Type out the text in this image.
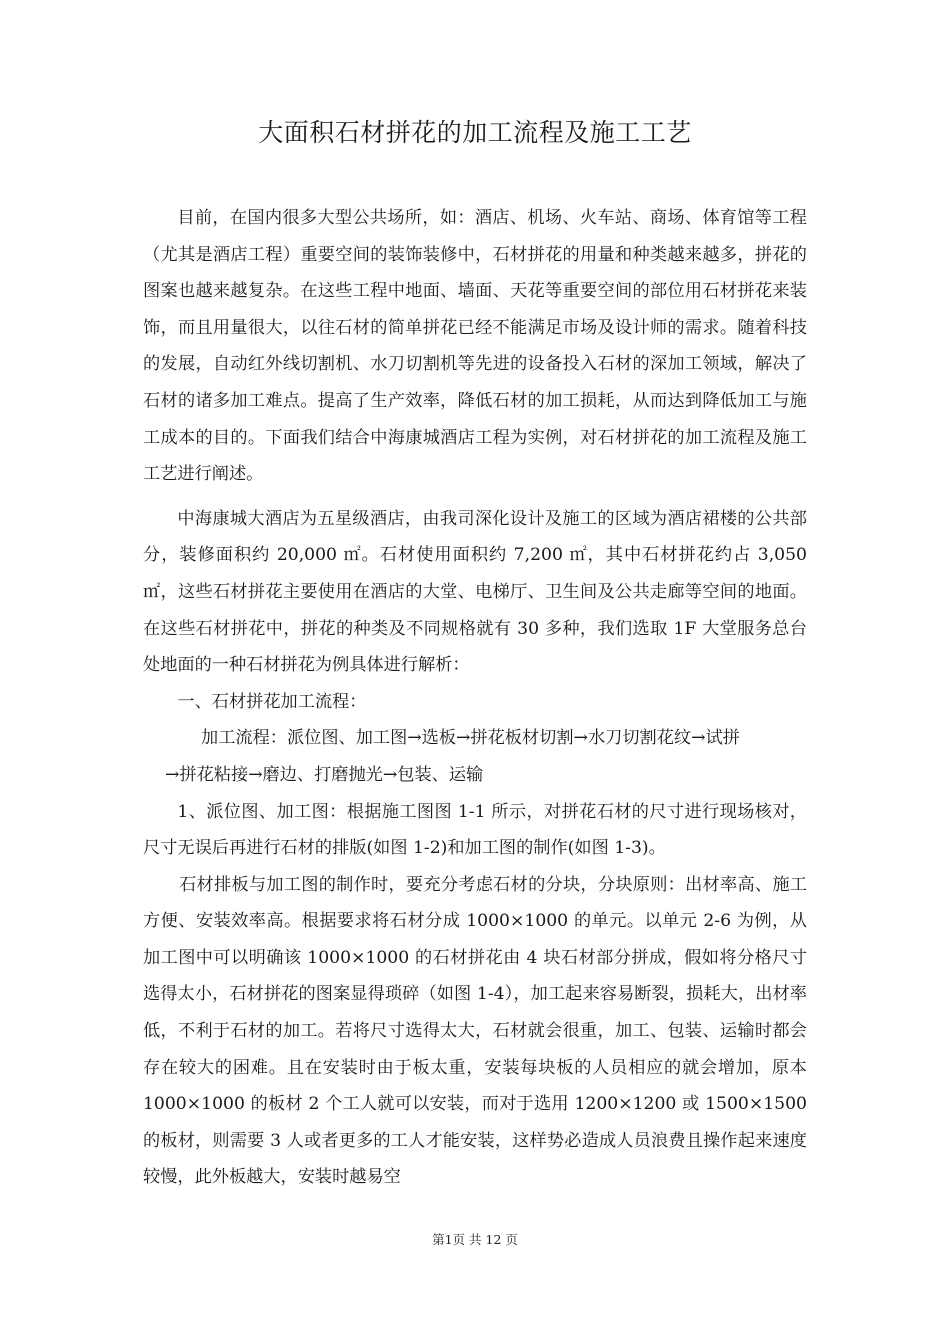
大面积石材拼花的加工流程及施工工艺

目前，在国内很多大型公共场所，如：酒店、机场、火车站、商场、体育馆等工程（尤其是酒店工程）重要空间的装饰装修中，石材拼花的用量和种类越来越多，拼花的图案也越来越复杂。在这些工程中地面、墙面、天花等重要空间的部位用石材拼花来装饰，而且用量很大，以往石材的简单拼花已经不能满足市场及设计师的需求。随着科技的发展，自动红外线切割机、水刀切割机等先进的设备投入石材的深加工领域，解决了石材的诸多加工难点。提高了生产效率，降低石材的加工损耗，从而达到降低加工与施工成本的目的。下面我们结合中海康城酒店工程为实例，对石材拼花的加工流程及施工工艺进行阐述。

中海康城大酒店为五星级酒店，由我司深化设计及施工的区域为酒店裙楼的公共部分，装修面积约 20,000 ㎡。石材使用面积约 7,200 ㎡，其中石材拼花约占 3,050 ㎡，这些石材拼花主要使用在酒店的大堂、电梯厅、卫生间及公共走廊等空间的地面。在这些石材拼花中，拼花的种类及不同规格就有 30 多种，我们选取 1F 大堂服务总台处地面的一种石材拼花为例具体进行解析：

一、石材拼花加工流程：

加工流程：派位图、加工图→选板→拼花板材切割→水刀切割花纹→试拼

→拼花粘接→磨边、打磨抛光→包装、运输

1、派位图、加工图：根据施工图图 1-1 所示，对拼花石材的尺寸进行现场核对，尺寸无误后再进行石材的排版(如图 1-2)和加工图的制作(如图 1-3)。

石材排板与加工图的制作时，要充分考虑石材的分块，分块原则：出材率高、施工方便、安装效率高。根据要求将石材分成 1000×1000 的单元。以单元 2-6 为例，从加工图中可以明确该 1000×1000 的石材拼花由 4 块石材部分拼成，假如将分格尺寸选得太小，石材拼花的图案显得琐碎（如图 1-4），加工起来容易断裂，损耗大，出材率低，不利于石材的加工。若将尺寸选得太大，石材就会很重，加工、包装、运输时都会存在较大的困难。且在安装时由于板太重，安装每块板的人员相应的就会增加，原本 1000×1000 的板材 2 个工人就可以安装，而对于选用 1200×1200 或 1500×1500 的板材，则需要 3 人或者更多的工人才能安装，这样势必造成人员浪费且操作起来速度较慢，此外板越大，安装时越易空

第1页 共 12 页
